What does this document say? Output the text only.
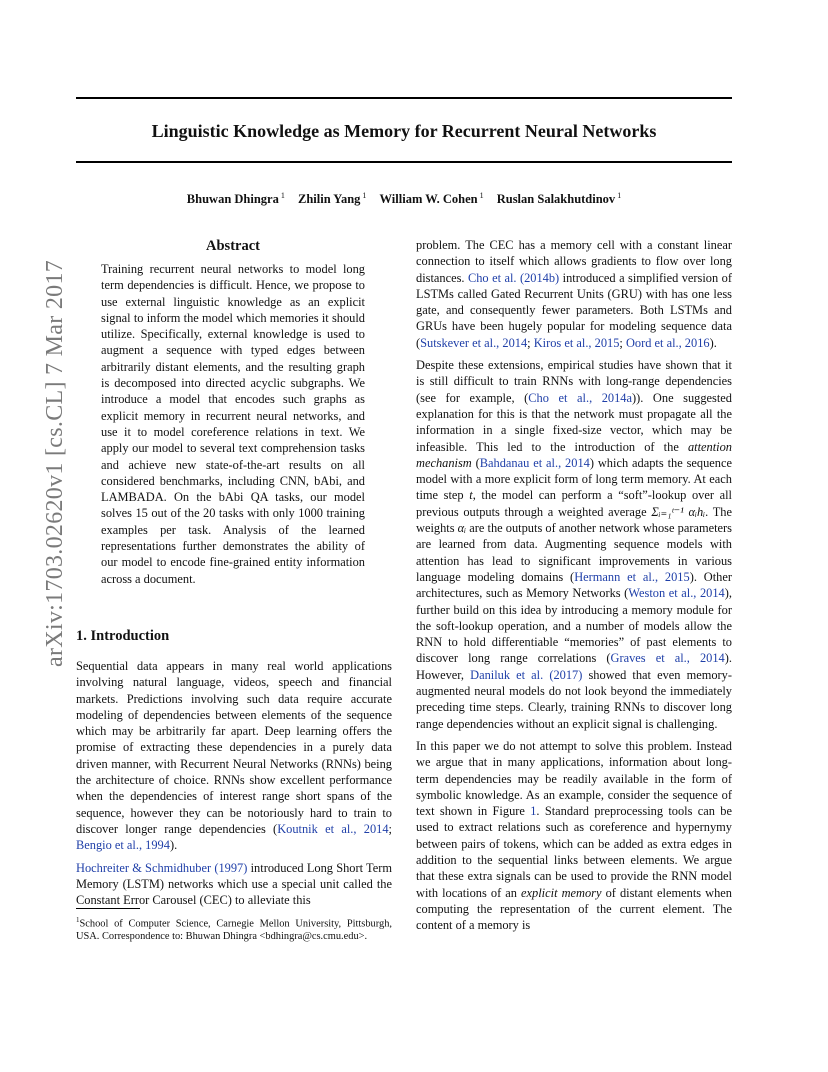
arXiv:1703.02620v1 [cs.CL] 7 Mar 2017
Linguistic Knowledge as Memory for Recurrent Neural Networks
Bhuwan Dhingra $^1$ Zhilin Yang $^1$ William W. Cohen $^1$ Ruslan Salakhutdinov $^1$
Abstract

Training recurrent neural networks to model long term dependencies is difficult. Hence, we propose to use external linguistic knowledge as an explicit signal to inform the model which memories it should utilize. Specifically, external knowledge is used to augment a sequence with typed edges between arbitrarily distant elements, and the resulting graph is decomposed into directed acyclic subgraphs. We introduce a model that encodes such graphs as explicit memory in recurrent neural networks, and use it to model coreference relations in text. We apply our model to several text comprehension tasks and achieve new state-of-the-art results on all considered benchmarks, including CNN, bAbi, and LAMBADA. On the bAbi QA tasks, our model solves 15 out of the 20 tasks with only 1000 training examples per task. Analysis of the learned representations further demonstrates the ability of our model to encode fine-grained entity information across a document.

1. Introduction

Sequential data appears in many real world applications involving natural language, videos, speech and financial markets. Predictions involving such data require accurate modeling of dependencies between elements of the sequence which may be arbitrarily far apart. Deep learning offers the promise of extracting these dependencies in a purely data driven manner, with Recurrent Neural Networks (RNNs) being the architecture of choice. RNNs show excellent performance when the dependencies of interest range short spans of the sequence, however they can be notoriously hard to train to discover longer range dependencies (Koutnik et al., 2014; Bengio et al., 1994).

Hochreiter & Schmidhuber (1997) introduced Long Short Term Memory (LSTM) networks which use a special unit called the Constant Error Carousel (CEC) to alleviate this

$^1$School of Computer Science, Carnegie Mellon University, Pittsburgh, USA. Correspondence to: Bhuwan Dhingra <bdhingra@cs.cmu.edu>.

problem. The CEC has a memory cell with a constant linear connection to itself which allows gradients to flow over long distances. Cho et al. (2014b) introduced a simplified version of LSTMs called Gated Recurrent Units (GRU) with has one less gate, and consequently fewer parameters. Both LSTMs and GRUs have been hugely popular for modeling sequence data (Sutskever et al., 2014; Kiros et al., 2015; Oord et al., 2016).

Despite these extensions, empirical studies have shown that it is still difficult to train RNNs with long-range dependencies (see for example, (Cho et al., 2014a)). One suggested explanation for this is that the network must propagate all the information in a single fixed-size vector, which may be infeasible. This led to the introduction of the attention mechanism (Bahdanau et al., 2014) which adapts the sequence model with a more explicit form of long term memory. At each time step t, the model can perform a “soft”-lookup over all previous outputs through a weighted average Σᵢ₌₁ᵗ⁻¹ αᵢhᵢ. The weights αᵢ are the outputs of another network whose parameters are learned from data. Augmenting sequence models with attention has lead to significant improvements in various language modeling domains (Hermann et al., 2015). Other architectures, such as Memory Networks (Weston et al., 2014), further build on this idea by introducing a memory module for the soft-lookup operation, and a number of models allow the RNN to hold differentiable “memories” of past elements to discover long range correlations (Graves et al., 2014). However, Daniluk et al. (2017) showed that even memory-augmented neural models do not look beyond the immediately preceding time steps. Clearly, training RNNs to discover long range dependencies without an explicit signal is challenging.

In this paper we do not attempt to solve this problem. Instead we argue that in many applications, information about long-term dependencies may be readily available in the form of symbolic knowledge. As an example, consider the sequence of text shown in Figure 1. Standard preprocessing tools can be used to extract relations such as coreference and hypernymy between pairs of tokens, which can be added as extra edges in addition to the sequential links between elements. We argue that these extra signals can be used to provide the RNN model with locations of an explicit memory of distant elements when computing the representation of the current element. The content of a memory is
